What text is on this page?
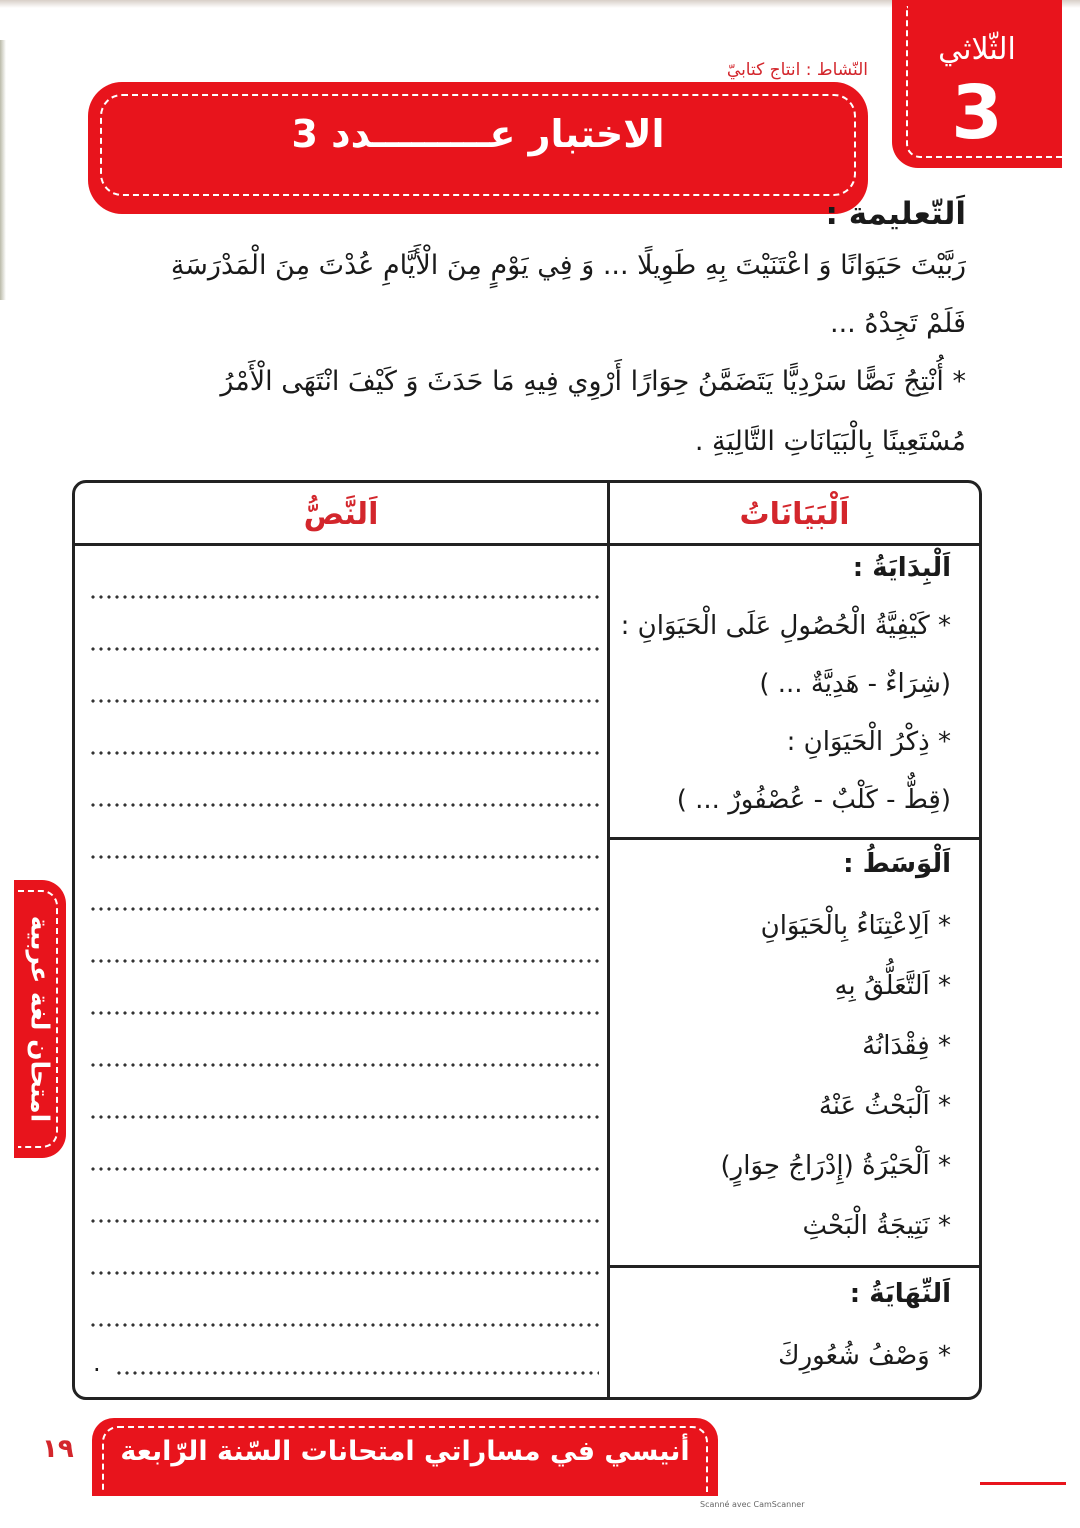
الثّلاثي
3
النّشاط : انتاج كتابيّ
الاختبار عـــــــــدد 3
اَلتّعليمة :
رَبَّيْتَ حَيَوَانًا وَ اعْتَنَيْتَ بِهِ طَوِيلًا ... وَ فِي يَوْمٍ مِنَ الْأَيَّامِ عُدْتَ مِنَ الْمَدْرَسَةِ
فَلَمْ تَجِدْهُ ...
* أُنْتِجُ نَصًّا سَرْدِيًّا يَتَضَمَّنُ حِوَارًا أَرْوِي فِيهِ مَا حَدَثَ وَ كَيْفَ انْتَهَى الْأَمْرُ
مُسْتَعِينًا بِالْبَيَانَاتِ التَّالِيَةِ .
اَلْبَيَانَاتُ
اَلنَّصُّ
اَلْبِدَايَةُ :
* كَيْفِيَّةُ الْحُصُولِ عَلَى الْحَيَوَانِ :
(شِرَاءٌ - هَدِيَّةٌ ... )
* ذِكْرُ الْحَيَوَانِ :
(قِطٌّ - كَلْبٌ - عُصْفُورٌ ... )
اَلْوَسَطُ :
* اَلِاعْتِنَاءُ بِالْحَيَوَانِ
* اَلتَّعَلُّقُ بِهِ
* فِقْدَانُهُ
* اَلْبَحْثُ عَنْهُ
* اَلْحَيْرَةُ (إِدْرَاجُ حِوَارٍ)
* نَتِيجَةُ الْبَحْثِ
اَلنِّهَايَةُ :
* وَصْفُ شُعُورِكَ
.
امتحان لغة عربية
١٩	أنيسي في مساراتي امتحانات السّنة الرّابعة
Scanné avec CamScanner
